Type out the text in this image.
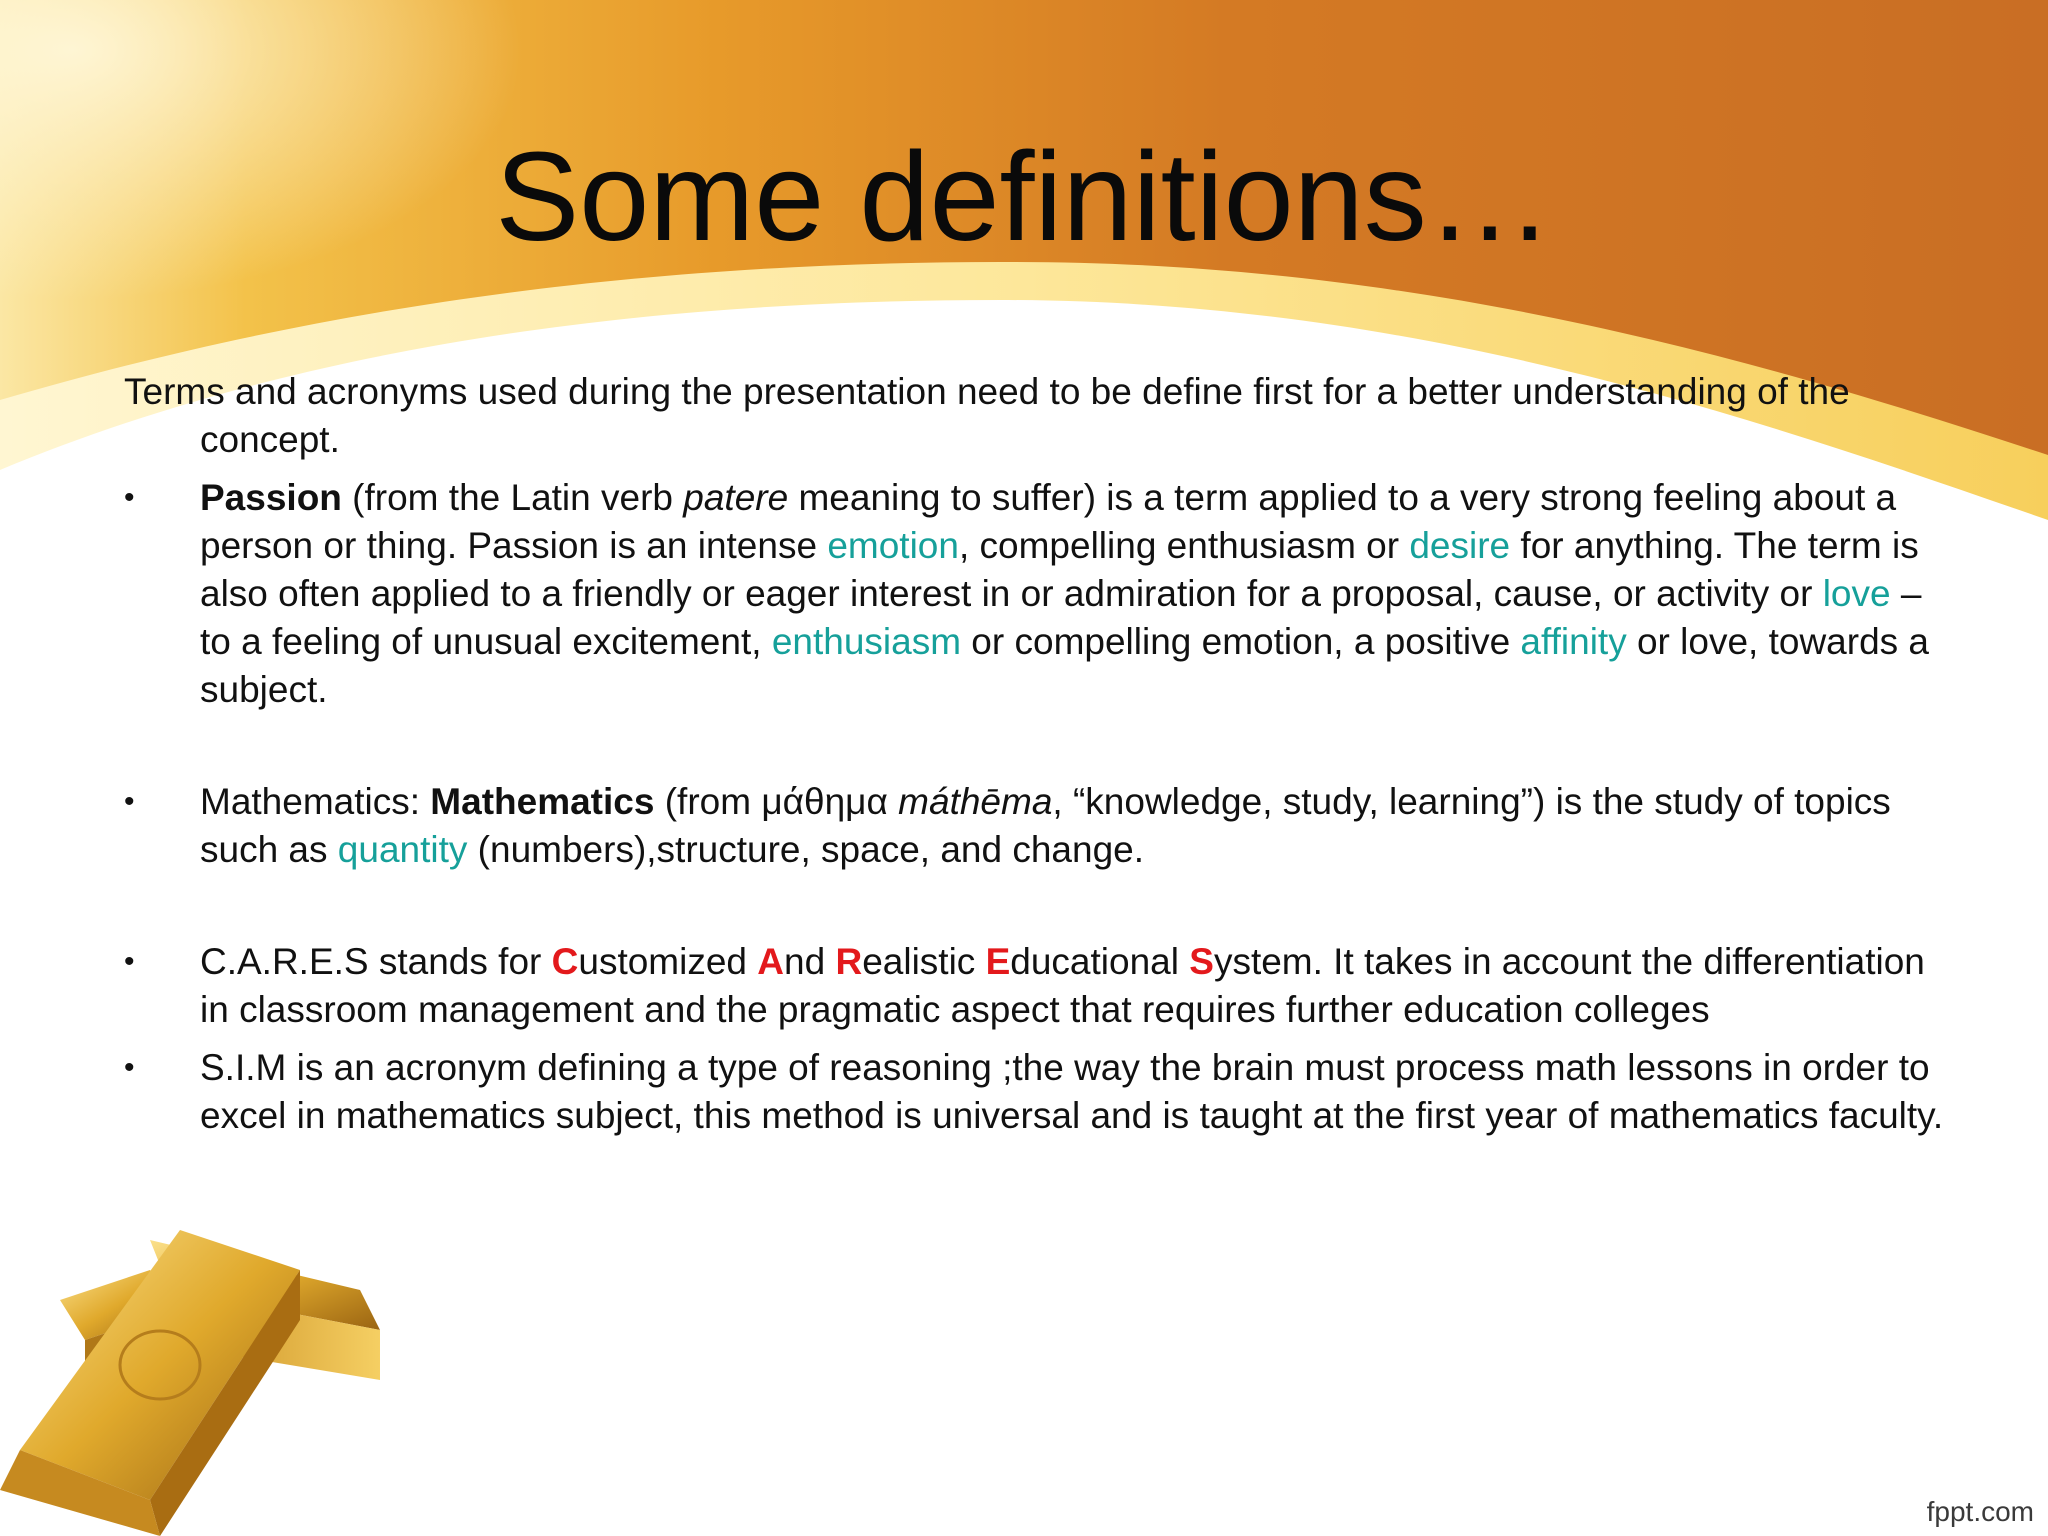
Some definitions…

Terms and acronyms used during the presentation need to be define first for a better understanding of the concept.

•	Passion (from the Latin verb patere meaning to suffer) is a term applied to a very strong feeling about a person or thing. Passion is an intense emotion, compelling enthusiasm or desire for anything. The term is also often applied to a friendly or eager interest in or admiration for a proposal, cause, or activity or love – to a feeling of unusual excitement, enthusiasm or compelling emotion, a positive affinity or love, towards a subject.

•	Mathematics: Mathematics (from μάθημα máthēma, “knowledge, study, learning”) is the study of topics such as quantity (numbers),structure, space, and change.

•	C.A.R.E.S stands for Customized And Realistic Educational System. It takes in account the differentiation in classroom management and the pragmatic aspect that requires further education colleges

•	S.I.M is an acronym defining a type of reasoning ;the way the brain must process math lessons in order to excel in mathematics subject, this method is universal and is taught at the first year of mathematics faculty.

fppt.com
